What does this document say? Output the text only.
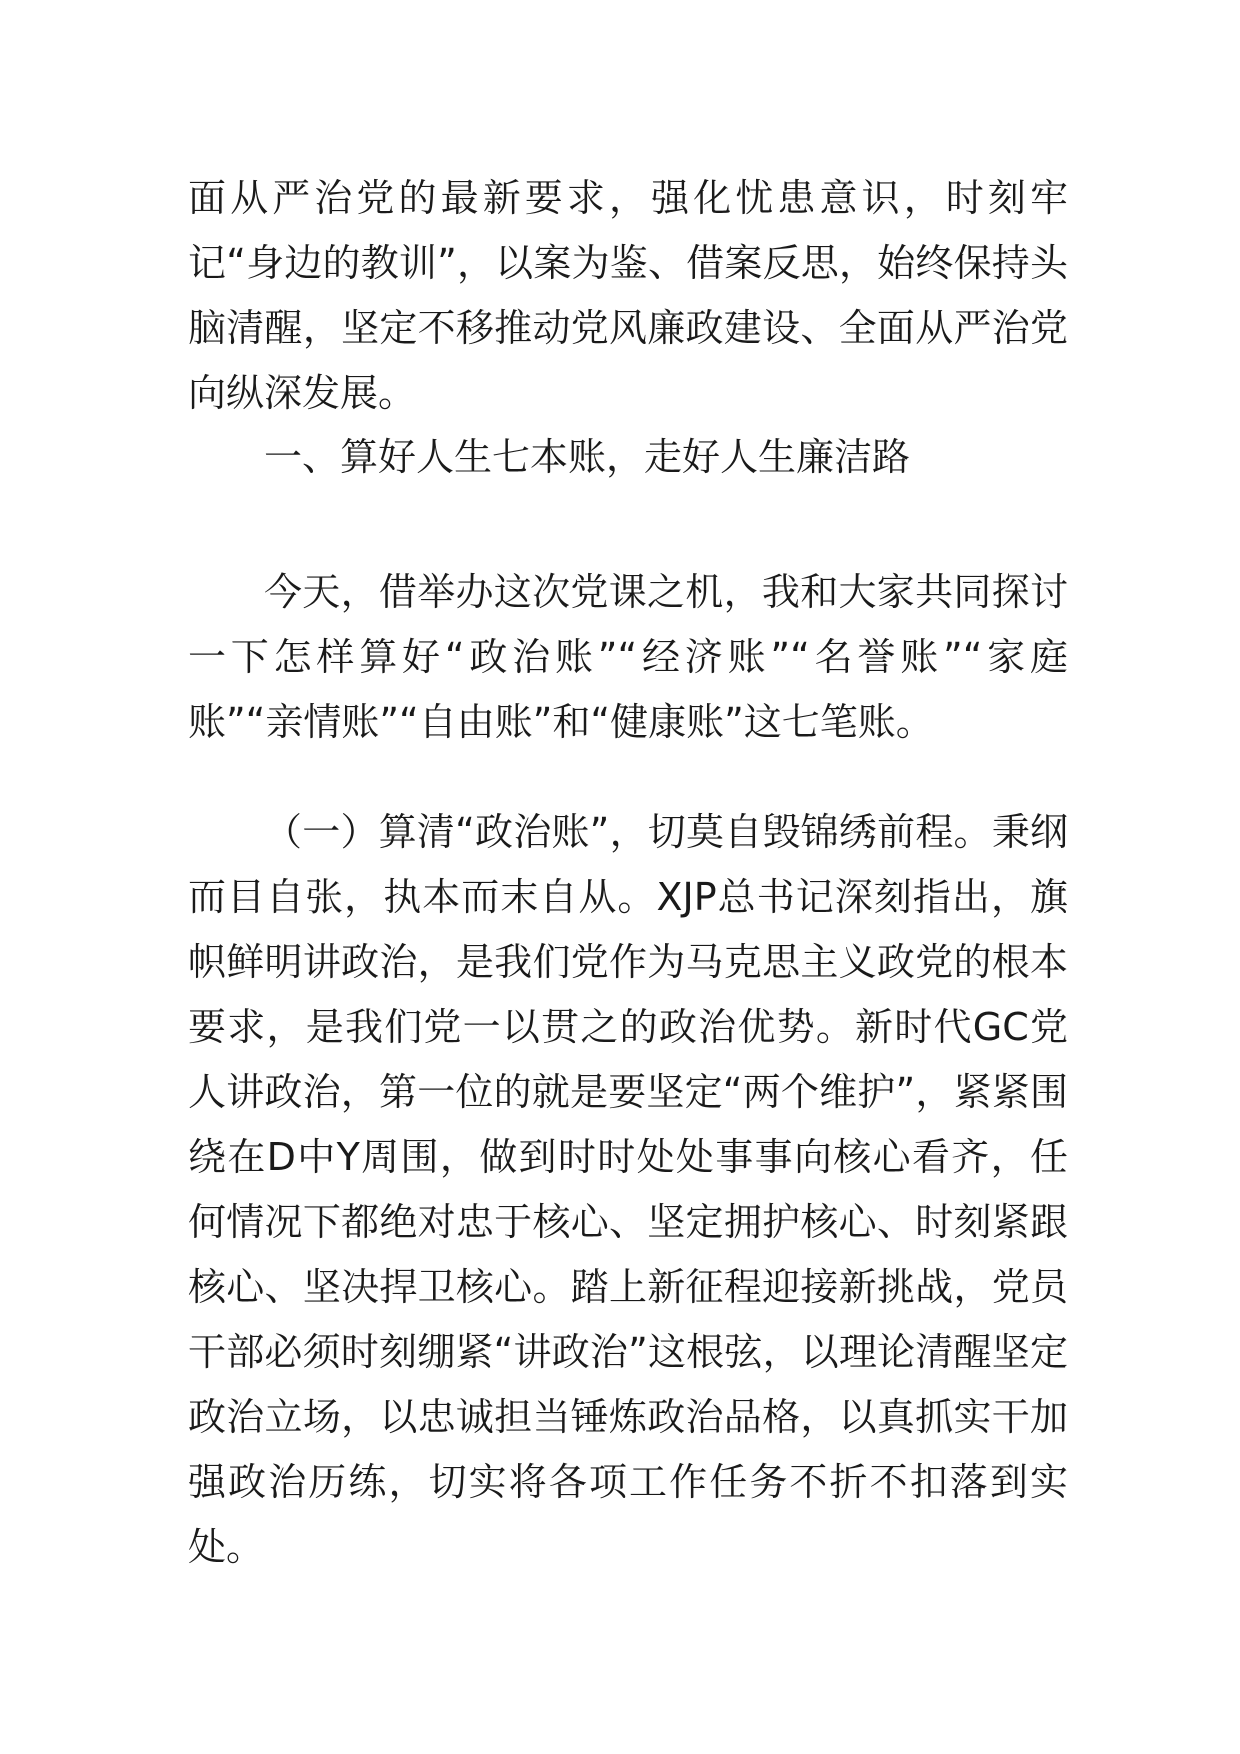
面从严治党的最新要求，强化忧患意识，时刻牢记“身边的教训”，以案为鉴、借案反思，始终保持头脑清醒，坚定不移推动党风廉政建设、全面从严治党向纵深发展。

一、算好人生七本账，走好人生廉洁路

今天，借举办这次党课之机，我和大家共同探讨一下怎样算好“政治账”“经济账”“名誉账”“家庭账”“亲情账”“自由账”和“健康账”这七笔账。

（一）算清“政治账”，切莫自毁锦绣前程。秉纲而目自张，执本而末自从。XJP总书记深刻指出，旗帜鲜明讲政治，是我们党作为马克思主义政党的根本要求，是我们党一以贯之的政治优势。新时代GC党人讲政治，第一位的就是要坚定“两个维护”，紧紧围绕在D中Y周围，做到时时处处事事向核心看齐，任何情况下都绝对忠于核心、坚定拥护核心、时刻紧跟核心、坚决捍卫核心。踏上新征程迎接新挑战，党员干部必须时刻绷紧“讲政治”这根弦，以理论清醒坚定政治立场，以忠诚担当锤炼政治品格，以真抓实干加强政治历练，切实将各项工作任务不折不扣落到实处。
